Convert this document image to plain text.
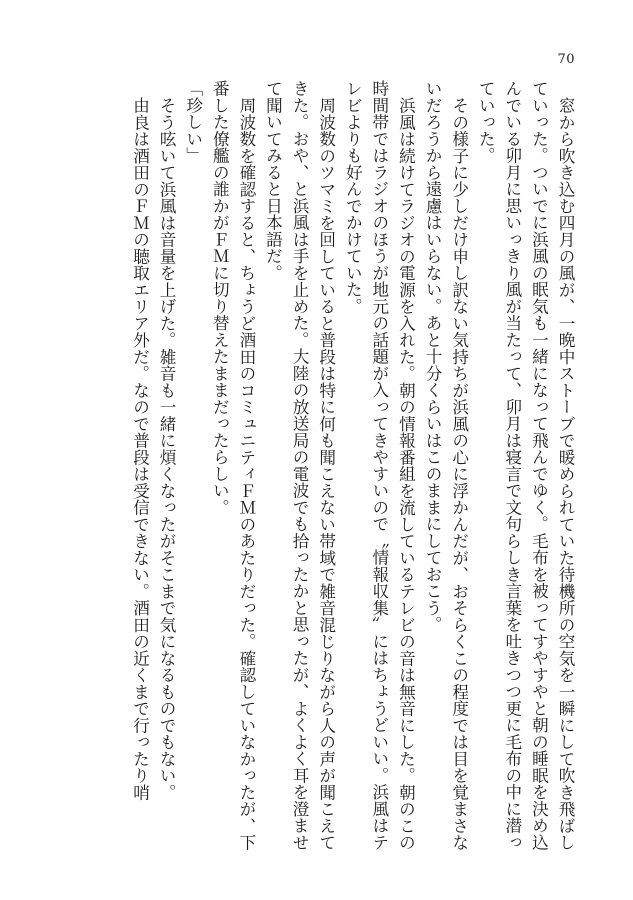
70

窓から吹き込む四月の風が、一晩中ストーブで暖められていた待機所の空気を一瞬にして吹き飛ばしていった。ついでに浜風の眠気も一緒になって飛んでゆく。毛布を被ってすやすやと朝の睡眠を決め込んでいる卯月に思いっきり風が当たって、卯月は寝言で文句らしき言葉を吐きつつ更に毛布の中に潜っていった。

その様子に少しだけ申し訳ない気持ちが浜風の心に浮かんだが、おそらくこの程度では目を覚まさないだろうから遠慮はいらない。あと十分くらいはこのままにしておこう。

浜風は続けてラジオの電源を入れた。朝の情報番組を流しているテレビの音は無音にした。朝のこの時間帯ではラジオのほうが地元の話題が入ってきやすいので〝情報収集〟にはちょうどいい。浜風はテレビよりも好んでかけていた。

周波数のツマミを回していると普段は特に何も聞こえない帯域で雑音混じりながら人の声が聞こえてきた。おや、と浜風は手を止めた。大陸の放送局の電波でも拾ったかと思ったが、よくよく耳を澄ませて聞いてみると日本語だ。

周波数を確認すると、ちょうど酒田のコミュニティＦＭのあたりだった。確認していなかったが、下番した僚艦の誰かがＦＭに切り替えたままだったらしい。

「珍しい」

そう呟いて浜風は音量を上げた。雑音も一緒に煩くなったがそこまで気になるものでもない。

由良は酒田のＦＭの聴取エリア外だ。なので普段は受信できない。酒田の近くまで行ったり哨
